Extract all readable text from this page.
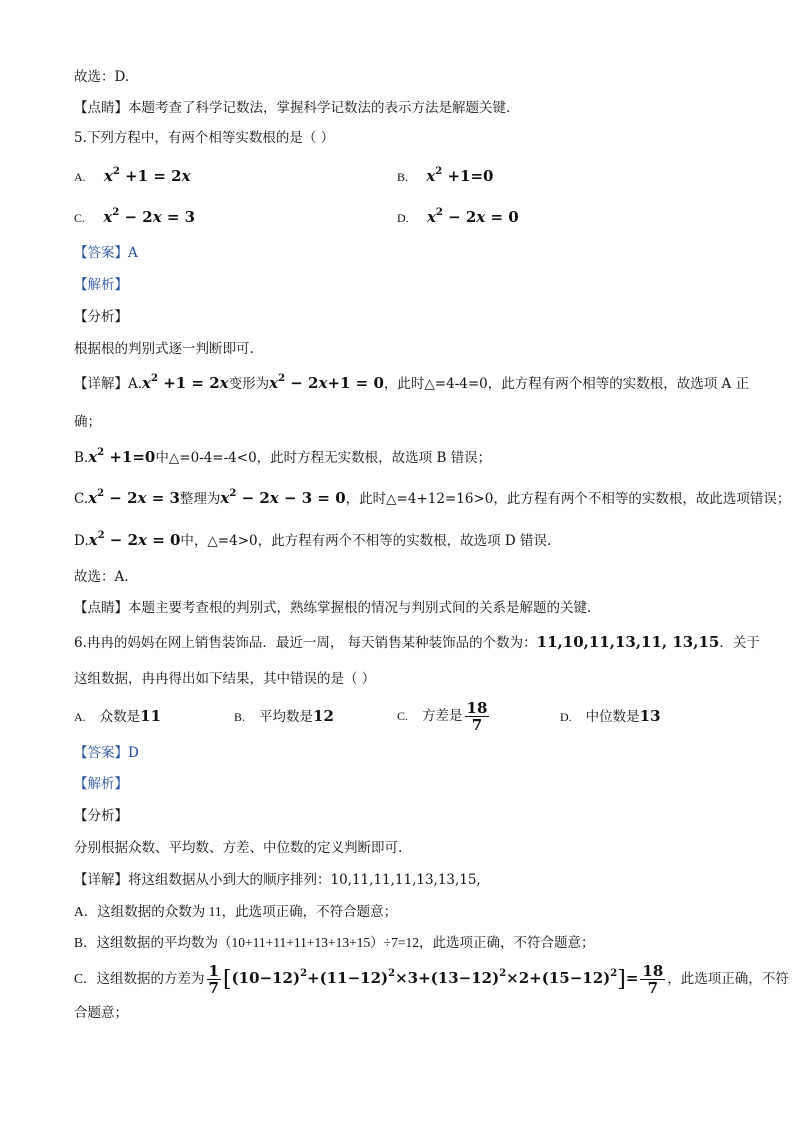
故选：D.
【点睛】本题考查了科学记数法，掌握科学记数法的表示方法是解题关键.
5.下列方程中，有两个相等实数根的是（ ）
A. $x^2 +1 = 2x$	B. $x^2 +1=0$
C. $x^2 - 2x = 3$	D. $x^2 - 2x = 0$
【答案】A
【解析】
【分析】
根据根的判别式逐一判断即可.
【详解】$A.x^2 +1 = 2x$变形为$x^2 - 2x+1 = 0$，此时△=4-4=0，此方程有两个相等的实数根，故选项 A 正
确；
$B.x^2 +1=0$中△=0-4=-4<0，此时方程无实数根，故选项 B 错误；
$C.x^2 - 2x = 3$整理为$x^2 - 2x - 3 = 0$，此时△=4+12=16>0，此方程有两个不相等的实数根，故此选项错误；
$D.x^2 - 2x = 0$中，△=4>0，此方程有两个不相等的实数根，故选项 D 错误.
故选：A.
【点睛】本题主要考查根的判别式，熟练掌握根的情况与判别式间的关系是解题的关键.
6.冉冉的妈妈在网上销售装饰品．最近一周， 每天销售某种装饰品的个数为：11,10,11,13,11, 13,15．关于
这组数据，冉冉得出如下结果，其中错误的是（ ）
A. 众数是11	B. 平均数是12	C. 方差是 $\frac{18}{7}$	D. 中位数是13
【答案】D
【解析】
【分析】
分别根据众数、平均数、方差、中位数的定义判断即可.
【详解】将这组数据从小到大的顺序排列：10,11,11,11,13,13,15,
A．这组数据的众数为 11，此选项正确，不符合题意；
B．这组数据的平均数为（10+11+11+11+13+13+15）÷7=12，此选项正确，不符合题意；
C．这组数据的方差为 $\frac{1}{7} [(10-12)^2+(11-12)^2\times 3+(13-12)^2\times 2+(15-12)^2]= \frac{18}{7}$ ，此选项正确，不符
合题意；
